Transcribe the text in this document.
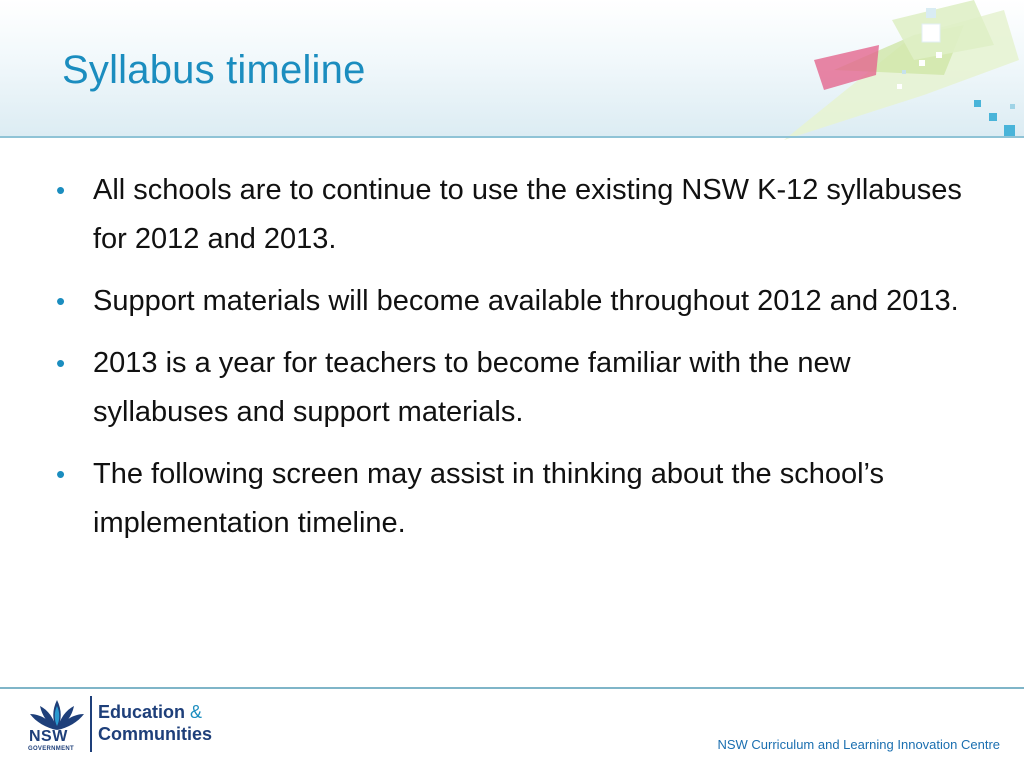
Syllabus timeline
• All schools are to continue to use the existing NSW K-12 syllabuses for 2012 and 2013.
• Support materials will become available throughout 2012 and 2013.
• 2013 is a year for teachers to become familiar with the new syllabuses and support materials.
• The following screen may assist in thinking about the school’s implementation timeline.
NSW
GOVERNMENT
Education &
Communities
NSW Curriculum and Learning Innovation Centre
